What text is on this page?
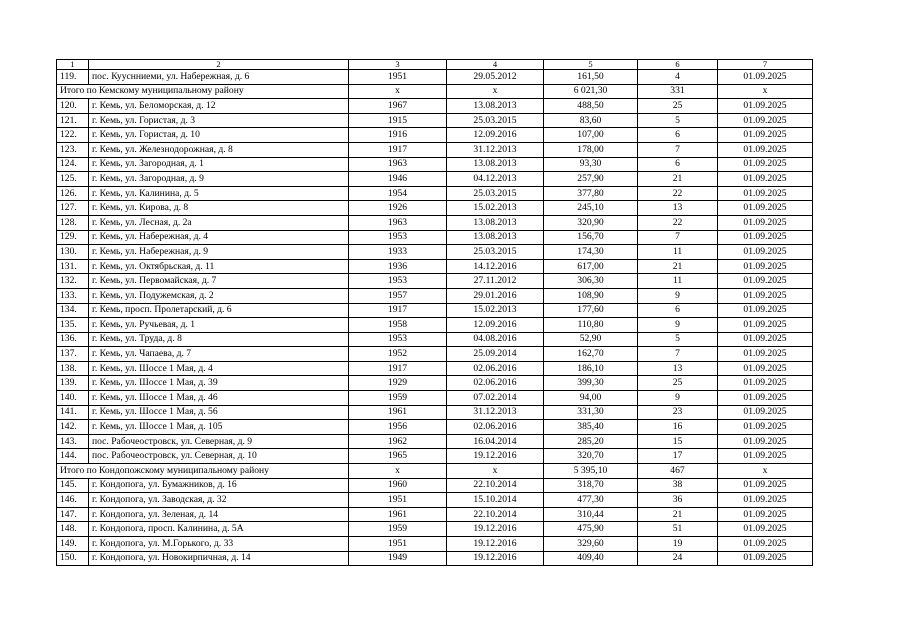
1	2	3	4	5	6	7
119.	пос. Кууснниеми, ул. Набережная, д. 6	1951	29.05.2012	161,50	4	01.09.2025
Итого по Кемскому муниципальному району		х	х	6 021,30	331	х
120.	г. Кемь, ул. Беломорская, д. 12	1967	13.08.2013	488,50	25	01.09.2025
121.	г. Кемь, ул. Гористая, д. 3	1915	25.03.2015	83,60	5	01.09.2025
122.	г. Кемь, ул. Гористая, д. 10	1916	12.09.2016	107,00	6	01.09.2025
123.	г. Кемь, ул. Железнодорожная, д. 8	1917	31.12.2013	178,00	7	01.09.2025
124.	г. Кемь, ул. Загородная, д. 1	1963	13.08.2013	93,30	6	01.09.2025
125.	г. Кемь, ул. Загородная, д. 9	1946	04.12.2013	257,90	21	01.09.2025
126.	г. Кемь, ул. Калинина, д. 5	1954	25.03.2015	377,80	22	01.09.2025
127.	г. Кемь, ул. Кирова, д. 8	1926	15.02.2013	245,10	13	01.09.2025
128.	г. Кемь, ул. Лесная, д. 2а	1963	13.08.2013	320,90	22	01.09.2025
129.	г. Кемь, ул. Набережная, д. 4	1953	13.08.2013	156,70	7	01.09.2025
130.	г. Кемь, ул. Набережная, д. 9	1933	25.03.2015	174,30	11	01.09.2025
131.	г. Кемь, ул. Октябрьская, д. 11	1936	14.12.2016	617,00	21	01.09.2025
132.	г. Кемь, ул. Первомайская, д. 7	1953	27.11.2012	306,30	11	01.09.2025
133.	г. Кемь, ул. Подужемская, д. 2	1957	29.01.2016	108,90	9	01.09.2025
134.	г. Кемь, просп. Пролетарский, д. 6	1917	15.02.2013	177,60	6	01.09.2025
135.	г. Кемь, ул. Ручьевая, д. 1	1958	12.09.2016	110,80	9	01.09.2025
136.	г. Кемь, ул. Труда, д. 8	1953	04.08.2016	52,90	5	01.09.2025
137.	г. Кемь, ул. Чапаева, д. 7	1952	25.09.2014	162,70	7	01.09.2025
138.	г. Кемь, ул. Шоссе 1 Мая, д. 4	1917	02.06.2016	186,10	13	01.09.2025
139.	г. Кемь, ул. Шоссе 1 Мая, д. 39	1929	02.06.2016	399,30	25	01.09.2025
140.	г. Кемь, ул. Шоссе 1 Мая, д. 46	1959	07.02.2014	94,00	9	01.09.2025
141.	г. Кемь, ул. Шоссе 1 Мая, д. 56	1961	31.12.2013	331,30	23	01.09.2025
142.	г. Кемь, ул. Шоссе 1 Мая, д. 105	1956	02.06.2016	385,40	16	01.09.2025
143.	пос. Рабочеостровск, ул. Северная, д. 9	1962	16.04.2014	285,20	15	01.09.2025
144.	пос. Рабочеостровск, ул. Северная, д. 10	1965	19.12.2016	320,70	17	01.09.2025
Итого по Кондопожскому муниципальному району		х	х	5 395,10	467	х
145.	г. Кондопога, ул. Бумажников, д. 16	1960	22.10.2014	318,70	38	01.09.2025
146.	г. Кондопога, ул. Заводская, д. 32	1951	15.10.2014	477,30	36	01.09.2025
147.	г. Кондопога, ул. Зеленая, д. 14	1961	22.10.2014	310,44	21	01.09.2025
148.	г. Кондопога, просп. Калинина, д. 5А	1959	19.12.2016	475,90	51	01.09.2025
149.	г. Кондопога, ул. М.Горького, д. 33	1951	19.12.2016	329,60	19	01.09.2025
150.	г. Кондопога, ул. Новокирпичная, д. 14	1949	19.12.2016	409,40	24	01.09.2025
